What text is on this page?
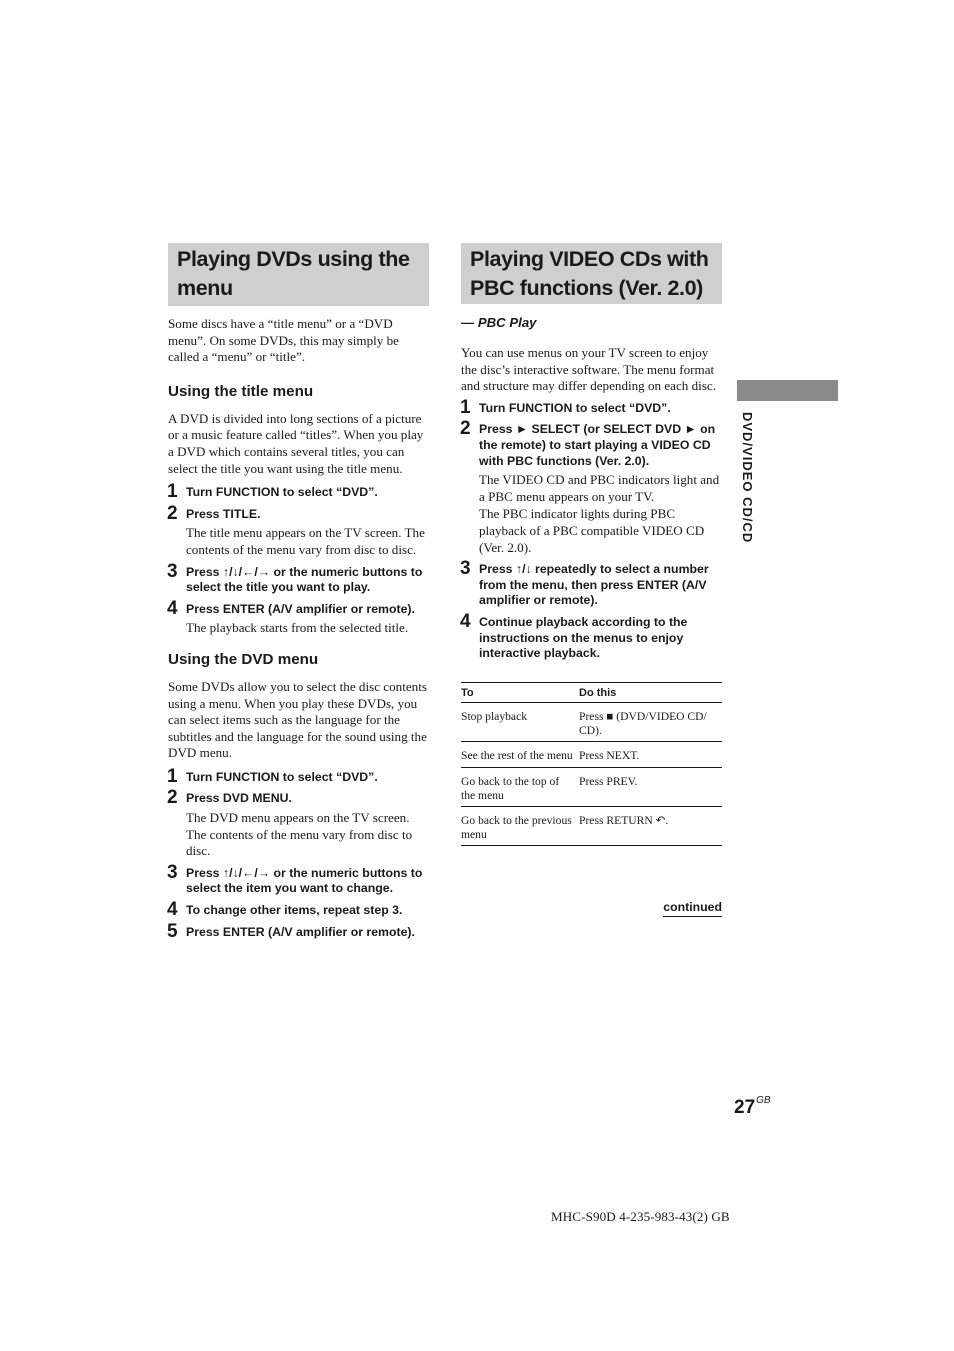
Playing DVDs using the menu

Some discs have a “title menu” or a “DVD menu”. On some DVDs, this may simply be called a “menu” or “title”.

Using the title menu

A DVD is divided into long sections of a picture or a music feature called “titles”. When you play a DVD which contains several titles, you can select the title you want using the title menu.

1 Turn FUNCTION to select “DVD”.
2 Press TITLE.
The title menu appears on the TV screen. The contents of the menu vary from disc to disc.
3 Press ↑/↓/←/→ or the numeric buttons to select the title you want to play.
4 Press ENTER (A/V amplifier or remote).
The playback starts from the selected title.
Using the DVD menu

Some DVDs allow you to select the disc contents using a menu. When you play these DVDs, you can select items such as the language for the subtitles and the language for the sound using the DVD menu.

1 Turn FUNCTION to select “DVD”.
2 Press DVD MENU.
The DVD menu appears on the TV screen. The contents of the menu vary from disc to disc.
3 Press ↑/↓/←/→ or the numeric buttons to select the item you want to change.
4 To change other items, repeat step 3.
5 Press ENTER (A/V amplifier or remote).
Playing VIDEO CDs with PBC functions (Ver. 2.0)
— PBC Play

You can use menus on your TV screen to enjoy the disc’s interactive software. The menu format and structure may differ depending on each disc.

1 Turn FUNCTION to select “DVD”.
2 Press ► SELECT (or SELECT DVD ► on the remote) to start playing a VIDEO CD with PBC functions (Ver. 2.0).
The VIDEO CD and PBC indicators light and a PBC menu appears on your TV.
The PBC indicator lights during PBC playback of a PBC compatible VIDEO CD (Ver. 2.0).
3 Press ↑/↓ repeatedly to select a number from the menu, then press ENTER (A/V amplifier or remote).
4 Continue playback according to the instructions on the menus to enjoy interactive playback.
To	Do this
Stop playback	Press ■ (DVD/VIDEO CD/ CD).
See the rest of the menu	Press NEXT.
Go back to the top of the menu	Press PREV.
Go back to the previous menu	Press RETURN ↶.
continued
DVD/VIDEO CD/CD
$27^{GB}$
MHC-S90D 4-235-983-43(2) GB
